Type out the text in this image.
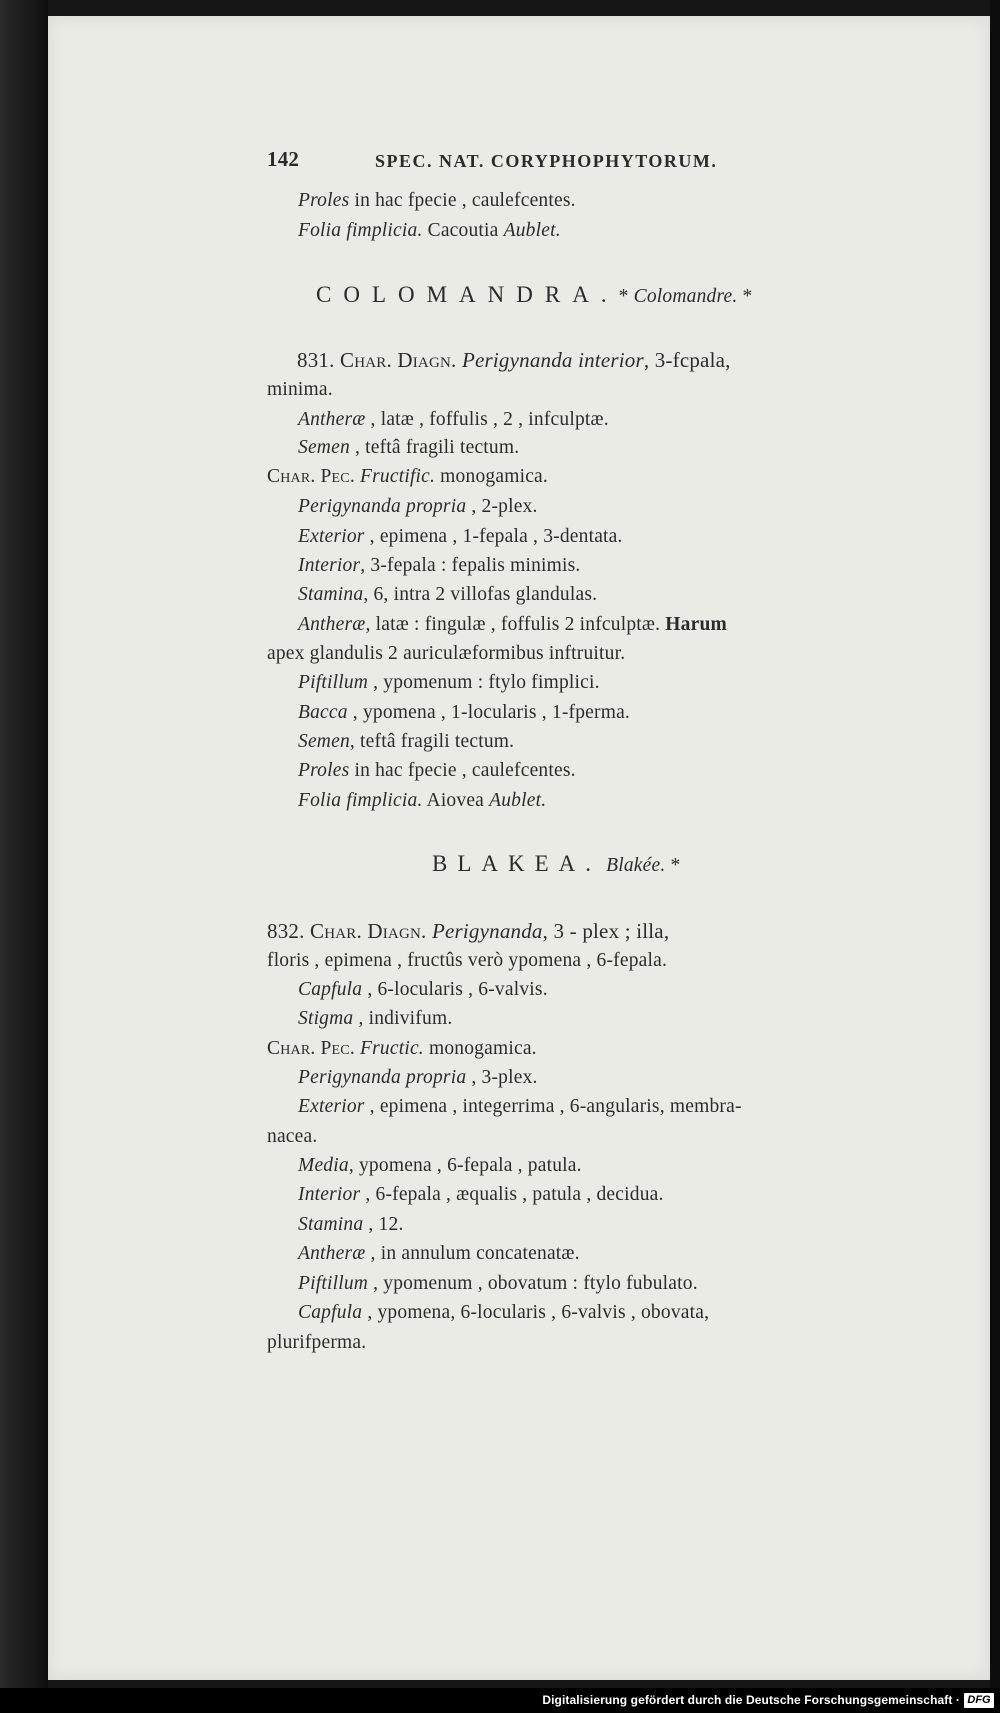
142	SPEC. NAT. CORYPHOPHYTORUM.
Proles in hac fpecie , caulefcentes.
Folia fimplicia. Cacoutia Aublet.
COLOMANDRA.* Colomandre. *
831. Char. Diagn. Perigynanda interior, 3-fcpala,
minima.
Antheræ , latæ , foffulis , 2 , infculptæ.
Semen , teftâ fragili tectum.
Char. Pec. Fructific. monogamica.
Perigynanda propria , 2-plex.
Exterior , epimena , 1-fepala , 3-dentata.
Interior, 3-fepala : fepalis minimis.
Stamina, 6, intra 2 villofas glandulas.
Antheræ, latæ : fingulæ , foffulis 2 infculptæ. Harum
apex glandulis 2 auriculæformibus inftruitur.
Piftillum , ypomenum : ftylo fimplici.
Bacca , ypomena , 1-locularis , 1-fperma.
Semen, teftâ fragili tectum.
Proles in hac fpecie , caulefcentes.
Folia fimplicia. Aiovea Aublet.
BLAKEA. Blakée. *
832. Char. Diagn. Perigynanda, 3 - plex ; illa,
floris , epimena , fructûs verò ypomena , 6-fepala.
Capfula , 6-locularis , 6-valvis.
Stigma , indivifum.
Char. Pec. Fructic. monogamica.
Perigynanda propria , 3-plex.
Exterior , epimena , integerrima , 6-angularis, membra-
nacea.
Media, ypomena , 6-fepala , patula.
Interior , 6-fepala , æqualis , patula , decidua.
Stamina , 12.
Antheræ , in annulum concatenatæ.
Piftillum , ypomenum , obovatum : ftylo fubulato.
Capfula , ypomena, 6-locularis , 6-valvis , obovata,
plurifperma.
Digitalisierung gefördert durch die Deutsche Forschungsgemeinschaft · DFG
